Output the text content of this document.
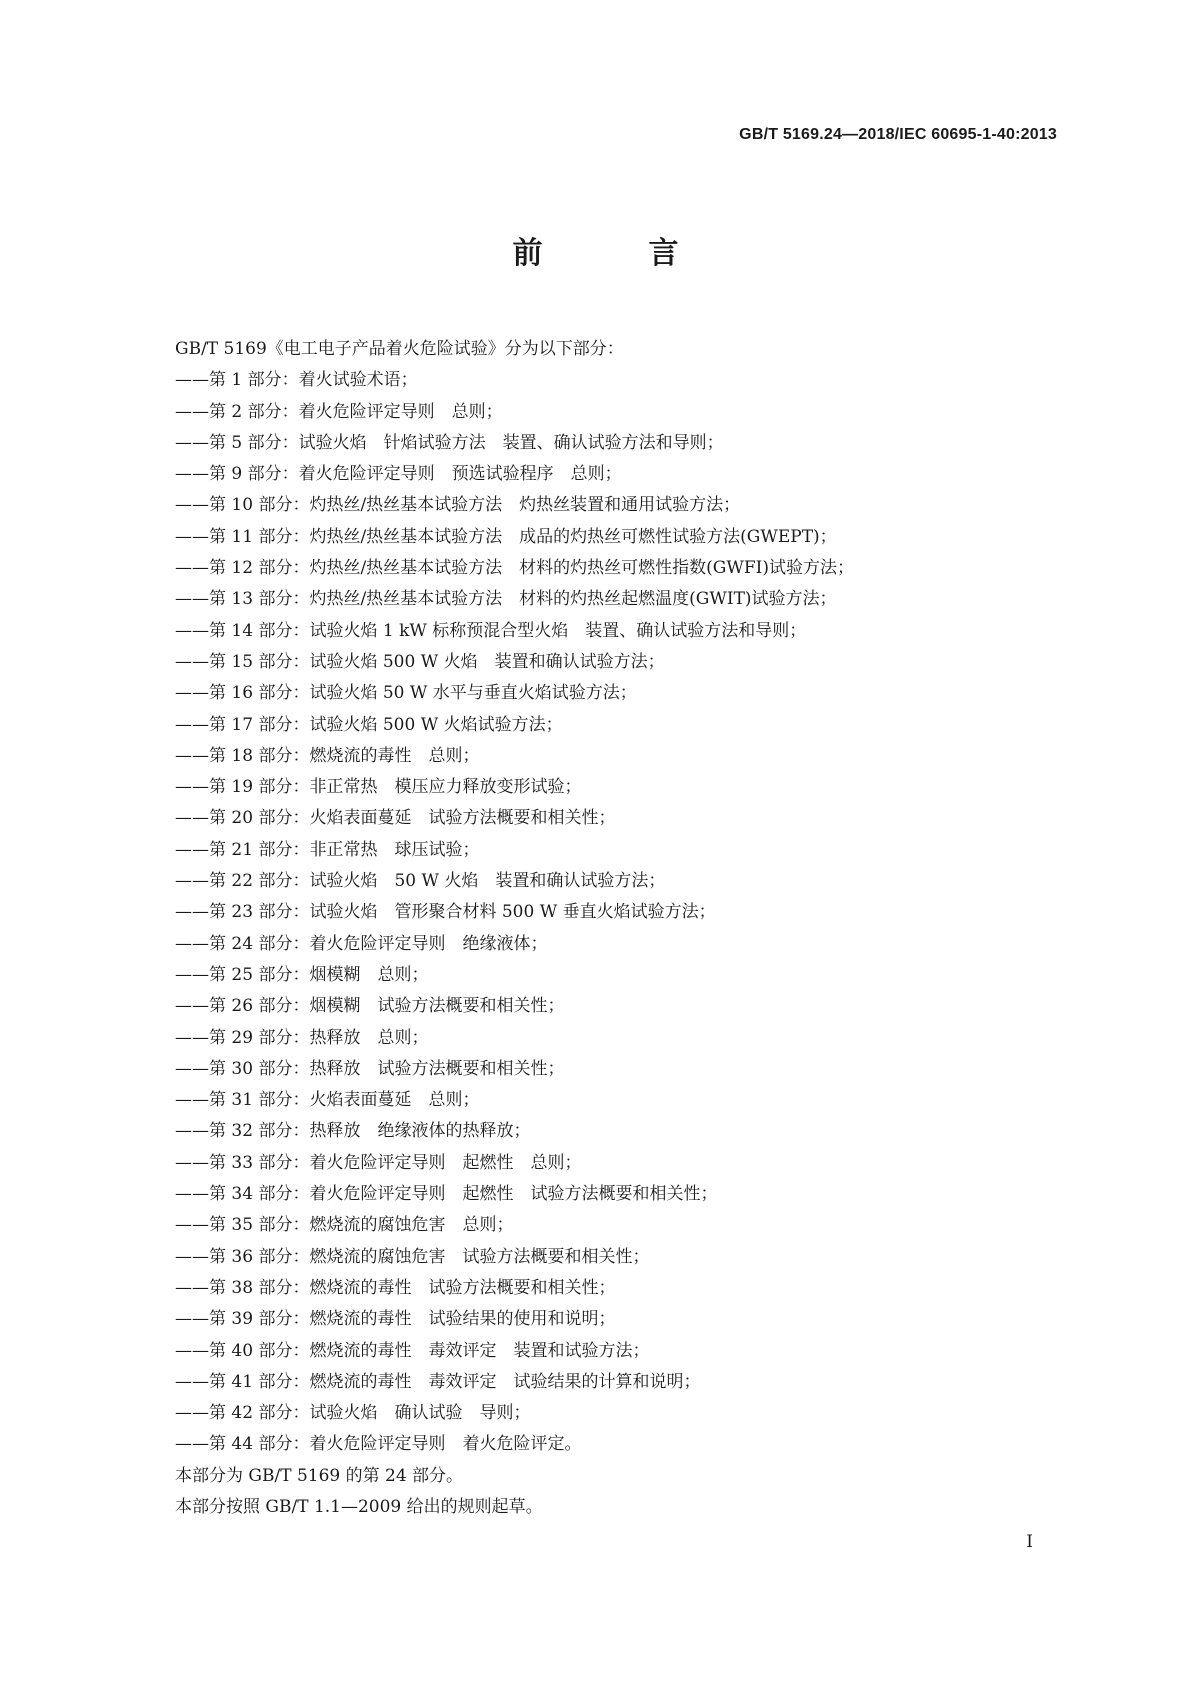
GB/T 5169.24—2018/IEC 60695-1-40:2013
前　言
GB/T 5169《电工电子产品着火危险试验》分为以下部分：
——第 1 部分：着火试验术语；
——第 2 部分：着火危险评定导则　总则；
——第 5 部分：试验火焰　针焰试验方法　装置、确认试验方法和导则；
——第 9 部分：着火危险评定导则　预选试验程序　总则；
——第 10 部分：灼热丝/热丝基本试验方法　灼热丝装置和通用试验方法；
——第 11 部分：灼热丝/热丝基本试验方法　成品的灼热丝可燃性试验方法(GWEPT)；
——第 12 部分：灼热丝/热丝基本试验方法　材料的灼热丝可燃性指数(GWFI)试验方法；
——第 13 部分：灼热丝/热丝基本试验方法　材料的灼热丝起燃温度(GWIT)试验方法；
——第 14 部分：试验火焰 1 kW 标称预混合型火焰　装置、确认试验方法和导则；
——第 15 部分：试验火焰 500 W 火焰　装置和确认试验方法；
——第 16 部分：试验火焰 50 W 水平与垂直火焰试验方法；
——第 17 部分：试验火焰 500 W 火焰试验方法；
——第 18 部分：燃烧流的毒性　总则；
——第 19 部分：非正常热　模压应力释放变形试验；
——第 20 部分：火焰表面蔓延　试验方法概要和相关性；
——第 21 部分：非正常热　球压试验；
——第 22 部分：试验火焰　50 W 火焰　装置和确认试验方法；
——第 23 部分：试验火焰　管形聚合材料 500 W 垂直火焰试验方法；
——第 24 部分：着火危险评定导则　绝缘液体；
——第 25 部分：烟模糊　总则；
——第 26 部分：烟模糊　试验方法概要和相关性；
——第 29 部分：热释放　总则；
——第 30 部分：热释放　试验方法概要和相关性；
——第 31 部分：火焰表面蔓延　总则；
——第 32 部分：热释放　绝缘液体的热释放；
——第 33 部分：着火危险评定导则　起燃性　总则；
——第 34 部分：着火危险评定导则　起燃性　试验方法概要和相关性；
——第 35 部分：燃烧流的腐蚀危害　总则；
——第 36 部分：燃烧流的腐蚀危害　试验方法概要和相关性；
——第 38 部分：燃烧流的毒性　试验方法概要和相关性；
——第 39 部分：燃烧流的毒性　试验结果的使用和说明；
——第 40 部分：燃烧流的毒性　毒效评定　装置和试验方法；
——第 41 部分：燃烧流的毒性　毒效评定　试验结果的计算和说明；
——第 42 部分：试验火焰　确认试验　导则；
——第 44 部分：着火危险评定导则　着火危险评定。
本部分为 GB/T 5169 的第 24 部分。
本部分按照 GB/T 1.1—2009 给出的规则起草。
I
